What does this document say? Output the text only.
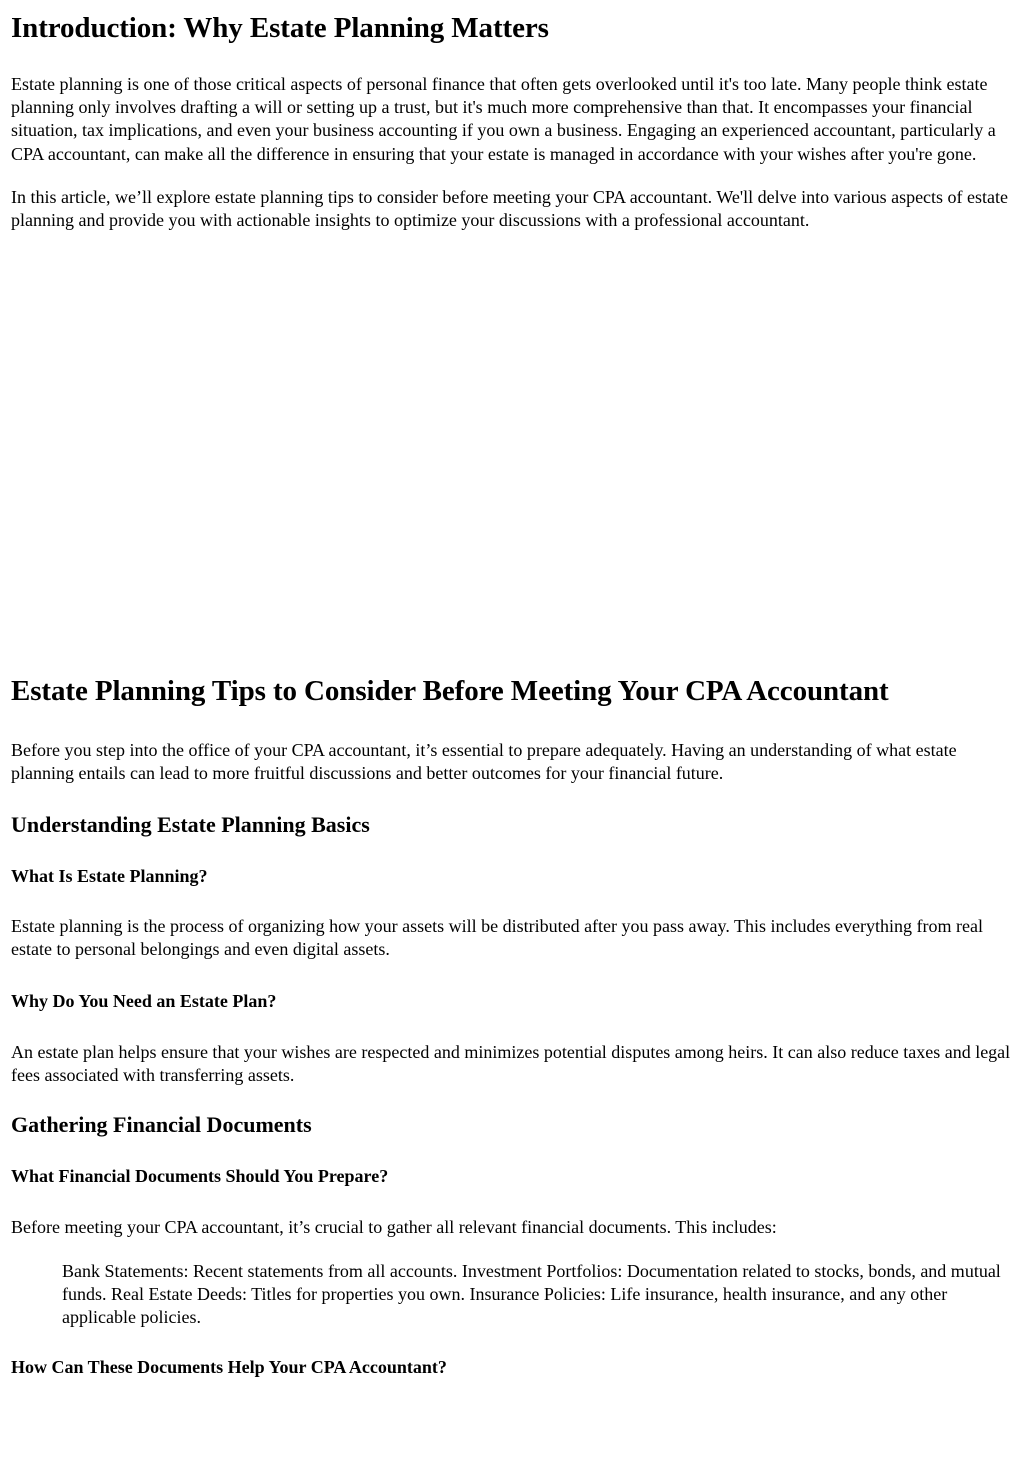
Introduction: Why Estate Planning Matters

Estate planning is one of those critical aspects of personal finance that often gets overlooked until it's too late. Many people think estate planning only involves drafting a will or setting up a trust, but it's much more comprehensive than that. It encompasses your financial situation, tax implications, and even your business accounting if you own a business. Engaging an experienced accountant, particularly a CPA accountant, can make all the difference in ensuring that your estate is managed in accordance with your wishes after you're gone.

In this article, we’ll explore estate planning tips to consider before meeting your CPA accountant. We'll delve into various aspects of estate planning and provide you with actionable insights to optimize your discussions with a professional accountant.

Estate Planning Tips to Consider Before Meeting Your CPA Accountant

Before you step into the office of your CPA accountant, it’s essential to prepare adequately. Having an understanding of what estate planning entails can lead to more fruitful discussions and better outcomes for your financial future.

Understanding Estate Planning Basics
What Is Estate Planning?

Estate planning is the process of organizing how your assets will be distributed after you pass away. This includes everything from real estate to personal belongings and even digital assets.

Why Do You Need an Estate Plan?

An estate plan helps ensure that your wishes are respected and minimizes potential disputes among heirs. It can also reduce taxes and legal fees associated with transferring assets.

Gathering Financial Documents
What Financial Documents Should You Prepare?

Before meeting your CPA accountant, it’s crucial to gather all relevant financial documents. This includes:

Bank Statements: Recent statements from all accounts. Investment Portfolios: Documentation related to stocks, bonds, and mutual funds. Real Estate Deeds: Titles for properties you own. Insurance Policies: Life insurance, health insurance, and any other applicable policies.
How Can These Documents Help Your CPA Accountant?
